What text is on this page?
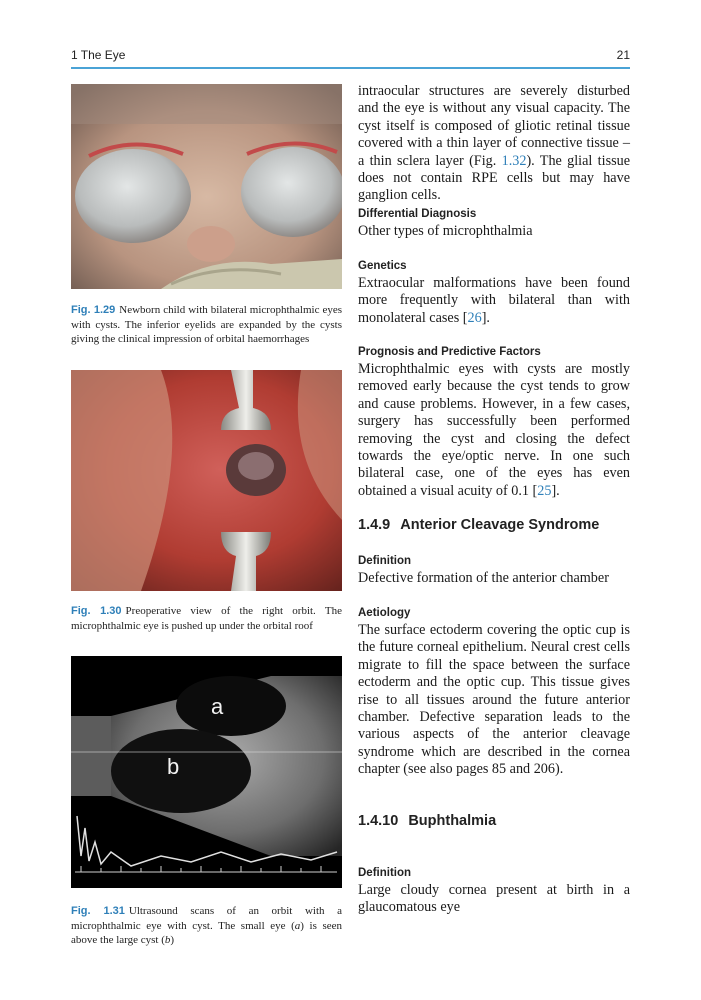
1 The Eye	21
Fig. 1.29 Newborn child with bilateral microphthalmic eyes with cysts. The inferior eyelids are expanded by the cysts giving the clinical impression of orbital haemorrhages
Fig. 1.30 Preoperative view of the right orbit. The microphthalmic eye is pushed up under the orbital roof
a
b
Fig. 1.31 Ultrasound scans of an orbit with a microphthalmic eye with cyst. The small eye (a) is seen above the large cyst (b)

intraocular structures are severely disturbed and the eye is without any visual capacity. The cyst itself is composed of gliotic retinal tissue covered with a thin layer of connective tissue – a thin sclera layer (Fig. 1.32). The glial tissue does not contain RPE cells but may have ganglion cells.

Differential Diagnosis

Other types of microphthalmia

Genetics

Extraocular malformations have been found more frequently with bilateral than with monolateral cases [26].

Prognosis and Predictive Factors

Microphthalmic eyes with cysts are mostly removed early because the cyst tends to grow and cause problems. However, in a few cases, surgery has successfully been performed removing the cyst and closing the defect towards the eye/optic nerve. In one such bilateral case, one of the eyes has even obtained a visual acuity of 0.1 [25].

1.4.9 Anterior Cleavage Syndrome

Definition

Defective formation of the anterior chamber

Aetiology

The surface ectoderm covering the optic cup is the future corneal epithelium. Neural crest cells migrate to fill the space between the surface ectoderm and the optic cup. This tissue gives rise to all tissues around the future anterior chamber. Defective separation leads to the various aspects of the anterior cleavage syndrome which are described in the cornea chapter (see also pages 85 and 206).

1.4.10 Buphthalmia

Definition

Large cloudy cornea present at birth in a glaucomatous eye
